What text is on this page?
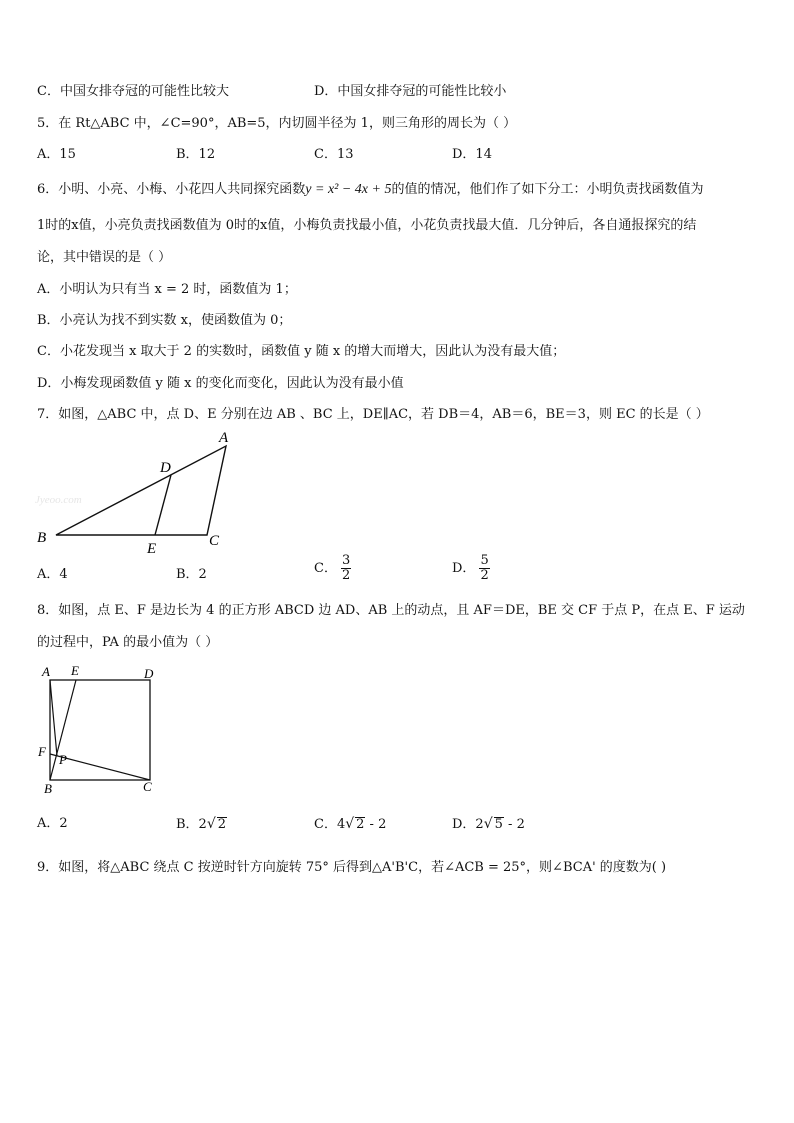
C．中国女排夺冠的可能性比较大	D．中国女排夺冠的可能性比较小
5．在 Rt△ABC 中，∠C=90°，AB=5，内切圆半径为 1，则三角形的周长为（ ）
A．15	B．12	C．13	D．14
6．小明、小亮、小梅、小花四人共同探究函数y = x² − 4x + 5的值的情况，他们作了如下分工：小明负责找函数值为
1时的x值，小亮负责找函数值为 0时的x值，小梅负责找最小值，小花负责找最大值．几分钟后，各自通报探究的结
论，其中错误的是（ ）
A．小明认为只有当 x = 2 时，函数值为 1；
B．小亮认为找不到实数 x，使函数值为 0；
C．小花发现当 x 取大于 2 的实数时，函数值 y 随 x 的增大而增大，因此认为没有最大值；
D．小梅发现函数值 y 随 x 的变化而变化，因此认为没有最小值
7．如图，△ABC 中，点 D、E 分别在边 AB 、BC 上，DE∥AC，若 DB＝4，AB＝6，BE＝3，则 EC 的长是（ ）
Jyeoo.com
A
D
B
E	C
A．4	B．2	C． $\frac{3}{2}$	D． $\frac{5}{2}$
8．如图，点 E、F 是边长为 4 的正方形 ABCD 边 AD、AB 上的动点，且 AF＝DE，BE 交 CF 于点 P，在点 E、F 运动
的过程中，PA 的最小值为（ ）
A E	D
F
P
B	C
A．2	B．2√ 2	C．4√ 2 - 2	D．2√ 5 - 2
9．如图，将△ABC 绕点 C 按逆时针方向旋转 75° 后得到△A'B'C，若∠ACB = 25°，则∠BCA' 的度数为( )
